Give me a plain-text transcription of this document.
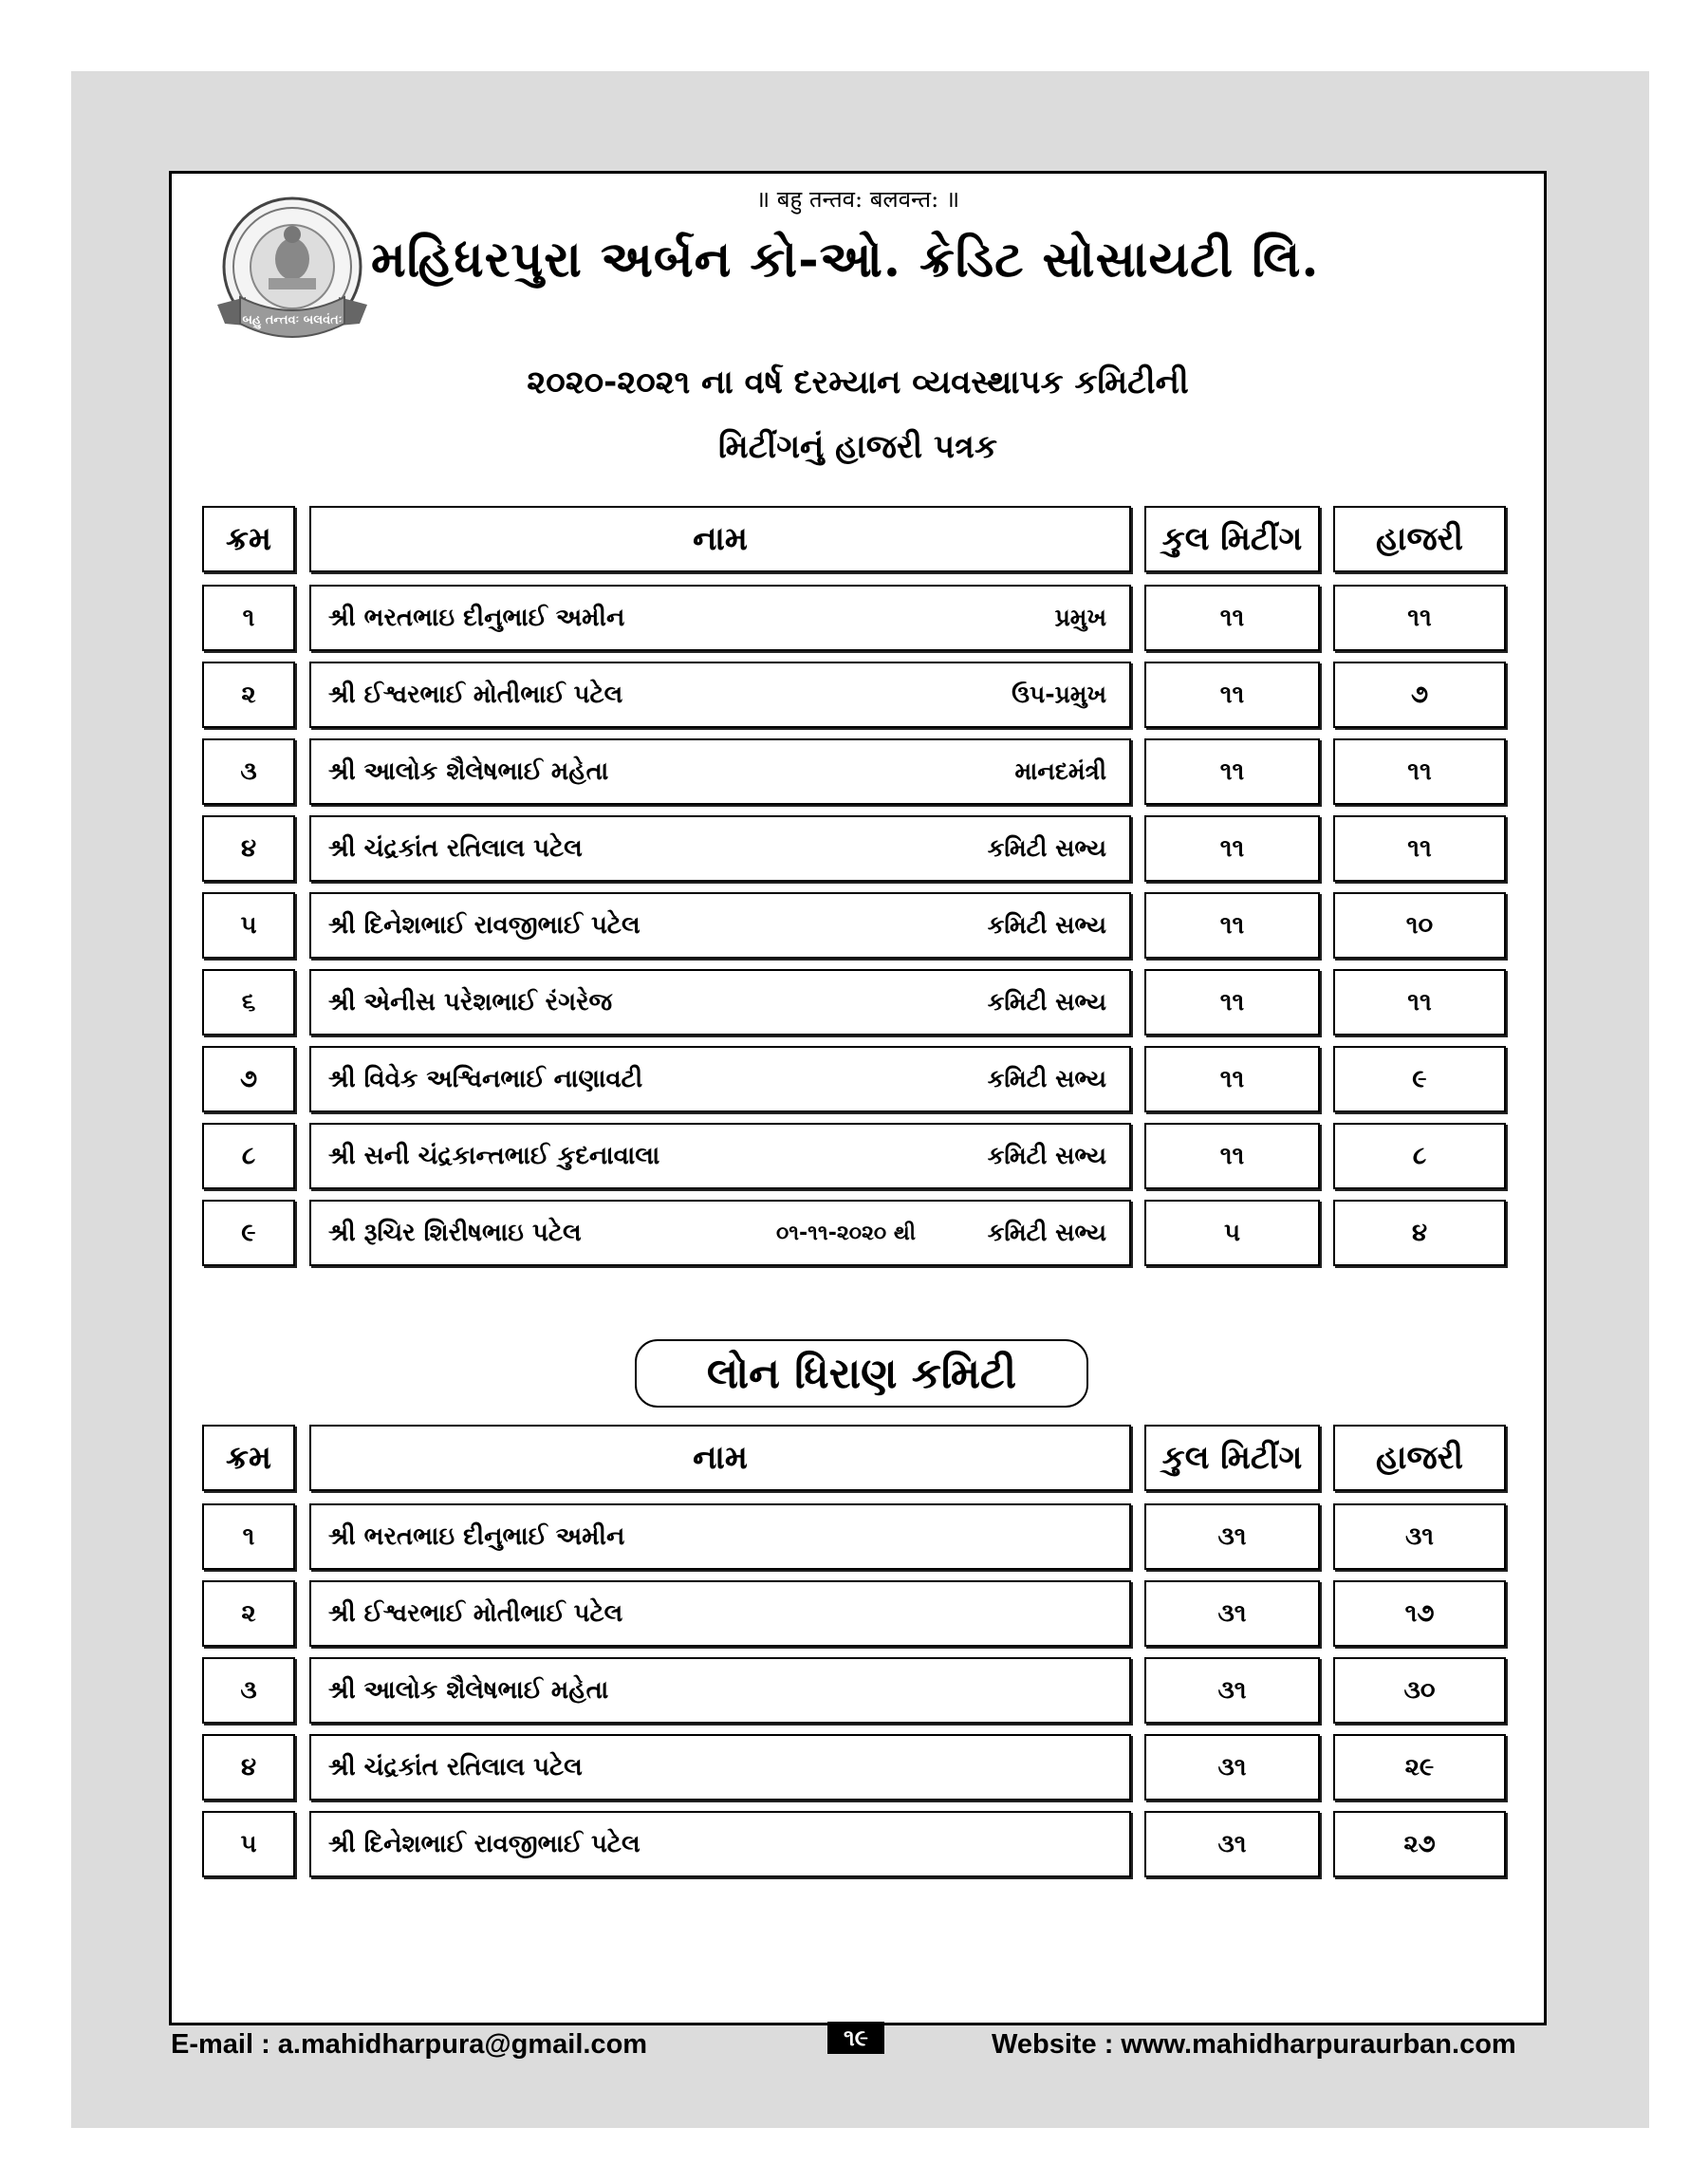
॥ बहु तन्तव: बलवन्त: ॥
બહુ તન્તવઃ બલવંતઃ
મહિધરપુરા અર્બન કો-ઓ. ક્રેડિટ સોસાયટી લિ.
૨૦૨૦-૨૦૨૧ ના વર્ષ દરમ્યાન વ્યવસ્થાપક કમિટીની
મિટીંગનું હાજરી પત્રક
ક્રમ	નામ	કુલ મિટીંગ	હાજરી
૧	શ્રી ભરતભાઇ દીનુભાઈ અમીન	પ્રમુખ	૧૧	૧૧
૨	શ્રી ઈશ્વરભાઈ મોતીભાઈ પટેલ	ઉપ-પ્રમુખ	૧૧	૭
૩	શ્રી આલોક શૈલેષભાઈ મહેતા	માનદમંત્રી	૧૧	૧૧
૪	શ્રી ચંદ્રકાંત રતિલાલ પટેલ	કમિટી સભ્ય	૧૧	૧૧
૫	શ્રી દિનેશભાઈ રાવજીભાઈ પટેલ	કમિટી સભ્ય	૧૧	૧૦
૬	શ્રી એનીસ પરેશભાઈ રંગરેજ	કમિટી સભ્ય	૧૧	૧૧
૭	શ્રી વિવેક અશ્વિનભાઈ નાણાવટી	કમિટી સભ્ય	૧૧	૯
૮	શ્રી સની ચંદ્રકાન્તભાઈ કુદનાવાલા	કમિટી સભ્ય	૧૧	૮
૯	શ્રી રૂચિર શિરીષભાઇ પટેલ	૦૧-૧૧-૨૦૨૦ થી	કમિટી સભ્ય	૫	૪
લોન ધિરાણ કમિટી
ક્રમ	નામ	કુલ મિટીંગ	હાજરી
૧	શ્રી ભરતભાઇ દીનુભાઈ અમીન	૩૧	૩૧
૨	શ્રી ઈશ્વરભાઈ મોતીભાઈ પટેલ	૩૧	૧૭
૩	શ્રી આલોક શૈલેષભાઈ મહેતા	૩૧	૩૦
૪	શ્રી ચંદ્રકાંત રતિલાલ પટેલ	૩૧	૨૯
૫	શ્રી દિનેશભાઈ રાવજીભાઈ પટેલ	૩૧	૨૭
E-mail : a.mahidharpura@gmail.com	૧૯	Website : www.mahidharpuraurban.com
